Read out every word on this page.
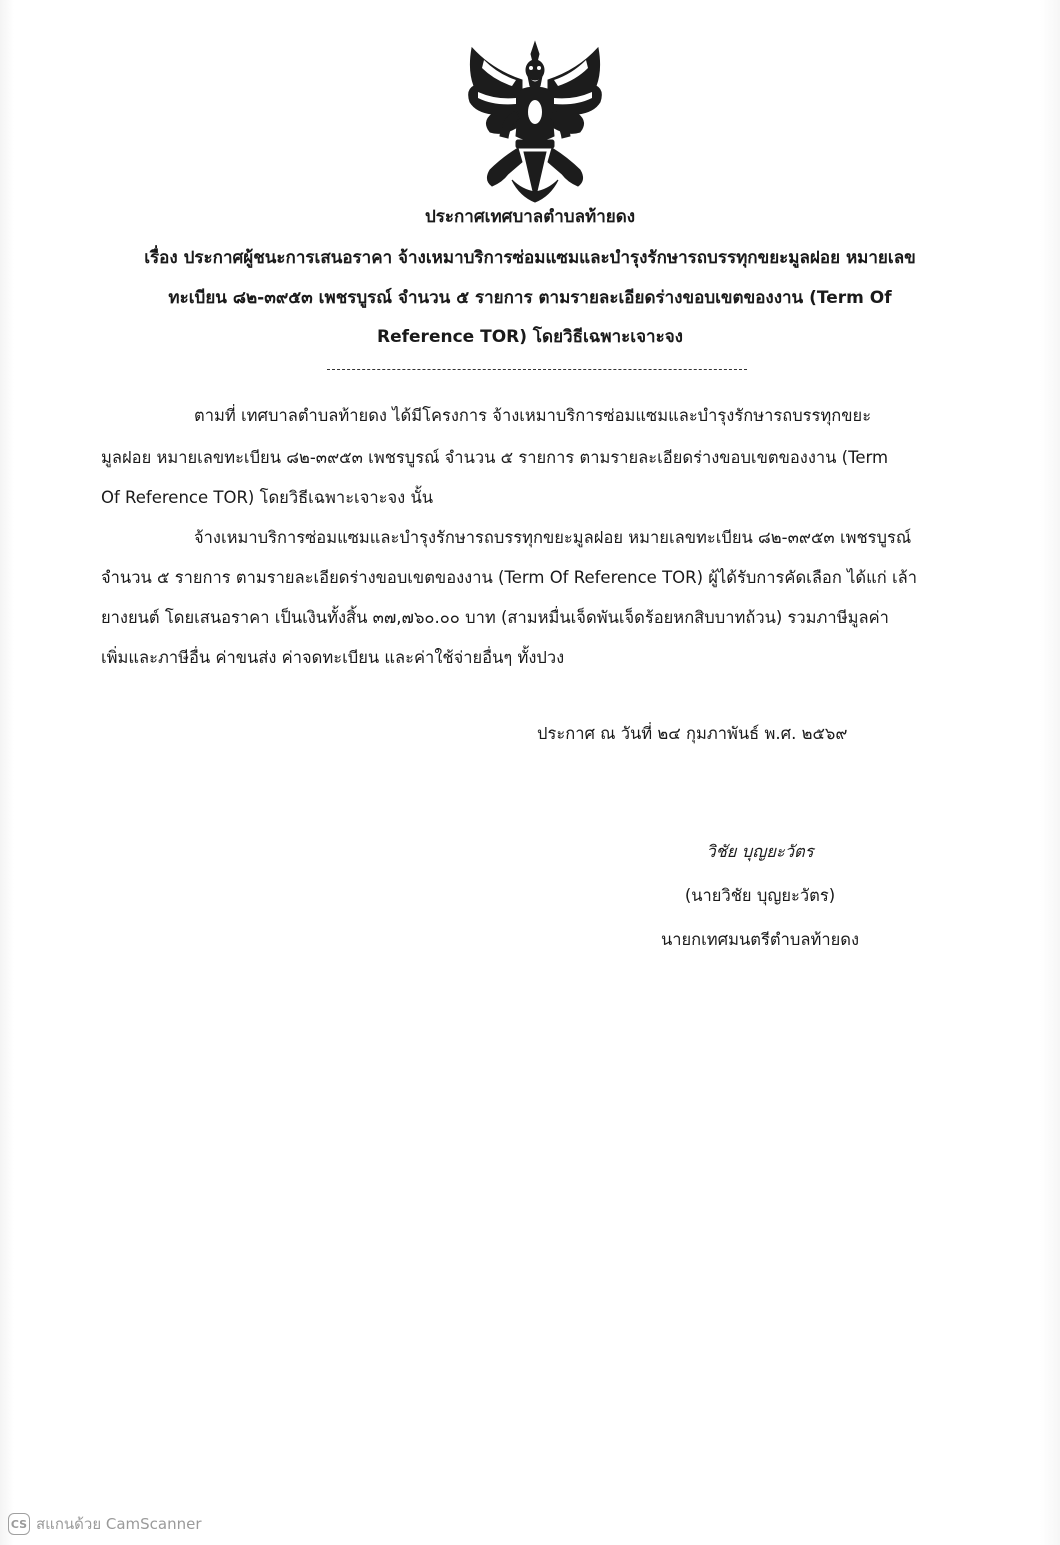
ประกาศเทศบาลตำบลท้ายดง
เรื่อง ประกาศผู้ชนะการเสนอราคา จ้างเหมาบริการซ่อมแซมและบำรุงรักษารถบรรทุกขยะมูลฝอย หมายเลข
ทะเบียน ๘๒-๓๙๕๓ เพชรบูรณ์ จำนวน ๕ รายการ ตามรายละเอียดร่างขอบเขตของงาน (Term Of
Reference TOR) โดยวิธีเฉพาะเจาะจง
ตามที่ เทศบาลตำบลท้ายดง ได้มีโครงการ จ้างเหมาบริการซ่อมแซมและบำรุงรักษารถบรรทุกขยะ
มูลฝอย หมายเลขทะเบียน ๘๒-๓๙๕๓ เพชรบูรณ์ จำนวน ๕ รายการ ตามรายละเอียดร่างขอบเขตของงาน (Term
Of Reference TOR) โดยวิธีเฉพาะเจาะจง นั้น
จ้างเหมาบริการซ่อมแซมและบำรุงรักษารถบรรทุกขยะมูลฝอย หมายเลขทะเบียน ๘๒-๓๙๕๓ เพชรบูรณ์
จำนวน ๕ รายการ ตามรายละเอียดร่างขอบเขตของงาน (Term Of Reference TOR) ผู้ได้รับการคัดเลือก ได้แก่ เล้า
ยางยนต์ โดยเสนอราคา เป็นเงินทั้งสิ้น ๓๗,๗๖๐.๐๐ บาท (สามหมื่นเจ็ดพันเจ็ดร้อยหกสิบบาทถ้วน) รวมภาษีมูลค่า
เพิ่มและภาษีอื่น ค่าขนส่ง ค่าจดทะเบียน และค่าใช้จ่ายอื่นๆ ทั้งปวง
ประกาศ ณ วันที่ ๒๔ กุมภาพันธ์ พ.ศ. ๒๕๖๙
วิชัย บุญยะวัตร
(นายวิชัย บุญยะวัตร)
นายกเทศมนตรีตำบลท้ายดง
CS สแกนด้วย CamScanner
